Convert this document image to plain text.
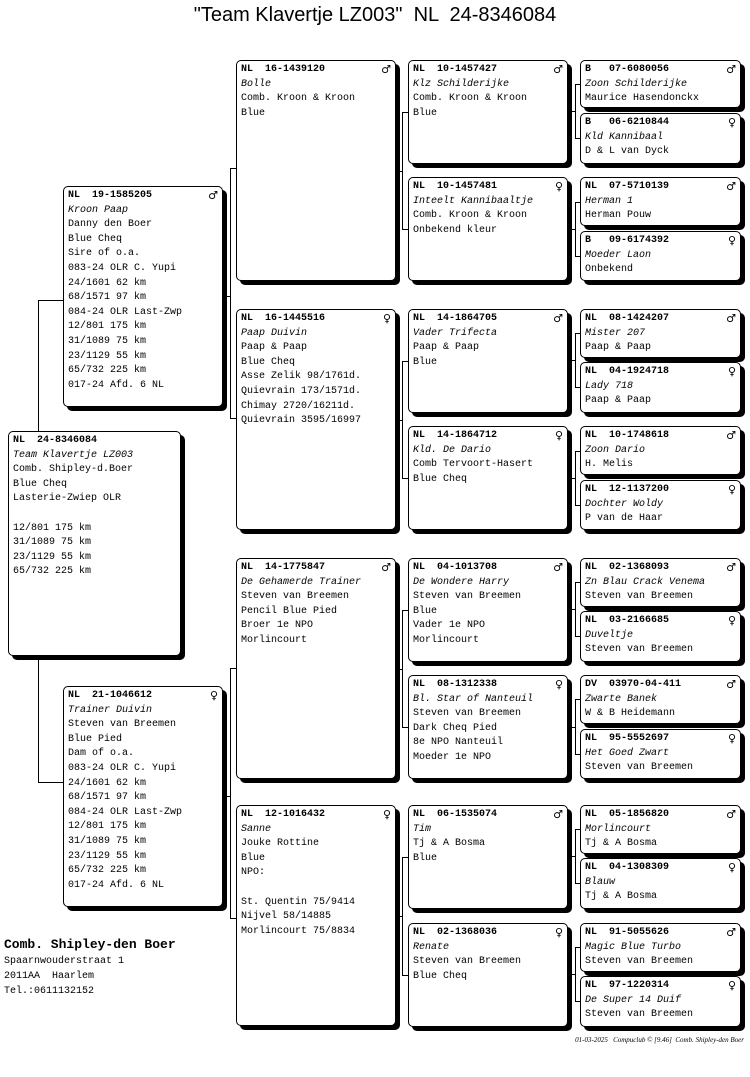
"Team Klavertje LZ003"  NL  24-8346084
NL  24-8346084
Team Klavertje LZ003
Comb. Shipley-d.Boer
Blue Cheq
Lasterie-Zwiep OLR
12/801 175 km
31/1089 75 km
23/1129 55 km
65/732 225 km
NL  19-1585205	♂
Kroon Paap
Danny den Boer
Blue Cheq
Sire of o.a.
083-24 OLR C. Yupi
24/1601 62 km
68/1571 97 km
084-24 OLR Last-Zwp
12/801 175 km
31/1089 75 km
23/1129 55 km
65/732 225 km
017-24 Afd. 6 NL
NL  21-1046612	♀
Trainer Duivin
Steven van Breemen
Blue Pied
Dam of o.a.
083-24 OLR C. Yupi
24/1601 62 km
68/1571 97 km
084-24 OLR Last-Zwp
12/801 175 km
31/1089 75 km
23/1129 55 km
65/732 225 km
017-24 Afd. 6 NL
NL  16-1439120	♂
Bolle
Comb. Kroon & Kroon
Blue
NL  16-1445516	♀
Paap Duivin
Paap & Paap
Blue Cheq
Asse Zelik 98/1761d.
Quievrain 173/1571d.
Chimay 2720/16211d.
Quievrain 3595/16997
NL  14-1775847	♂
De Gehamerde Trainer
Steven van Breemen
Pencil Blue Pied
Broer 1e NPO
Morlincourt
NL  12-1016432	♀
Sanne
Jouke Rottine
Blue
NPO:
St. Quentin 75/9414
Nijvel 58/14885
Morlincourt 75/8834
NL  10-1457427	♂
Klz Schilderijke
Comb. Kroon & Kroon
Blue
NL  10-1457481	♀
Inteelt Kannibaaltje
Comb. Kroon & Kroon
Onbekend kleur
NL  14-1864705	♂
Vader Trifecta
Paap & Paap
Blue
NL  14-1864712	♀
Kld. De Dario
Comb Tervoort-Hasert
Blue Cheq
NL  04-1013708	♂
De Wondere Harry
Steven van Breemen
Blue
Vader 1e NPO
Morlincourt
NL  08-1312338	♀
Bl. Star of Nanteuil
Steven van Breemen
Dark Cheq Pied
8e NPO Nanteuil
Moeder 1e NPO
NL  06-1535074	♂
Tim
Tj & A Bosma
Blue
NL  02-1368036	♀
Renate
Steven van Breemen
Blue Cheq
B   07-6080056	♂
Zoon Schilderijke
Maurice Hasendonckx
B   06-6210844	♀
Kld Kannibaal
D & L van Dyck
NL  07-5710139	♂
Herman 1
Herman Pouw
B   09-6174392	♀
Moeder Laon
Onbekend
NL  08-1424207	♂
Mister 207
Paap & Paap
NL  04-1924718	♀
Lady 718
Paap & Paap
NL  10-1748618	♂
Zoon Dario
H. Melis
NL  12-1137200	♀
Dochter Woldy
P van de Haar
NL  02-1368093	♂
Zn Blau Crack Venema
Steven van Breemen
NL  03-2166685	♀
Duveltje
Steven van Breemen
DV  03970-04-411	♂
Zwarte Banek
W & B Heidemann
NL  95-5552697	♀
Het Goed Zwart
Steven van Breemen
NL  05-1856820	♂
Morlincourt
Tj & A Bosma
NL  04-1308309	♀
Blauw
Tj & A Bosma
NL  91-5055626	♂
Magic Blue Turbo
Steven van Breemen
NL  97-1220314	♀
De Super 14 Duif
Steven van Breemen
Comb. Shipley-den Boer
Spaarnwouderstraat 1
2011AA  Haarlem
Tel.:0611132152
01-03-2025 Compuclub © [9.46] Comb. Shipley-den Boer
